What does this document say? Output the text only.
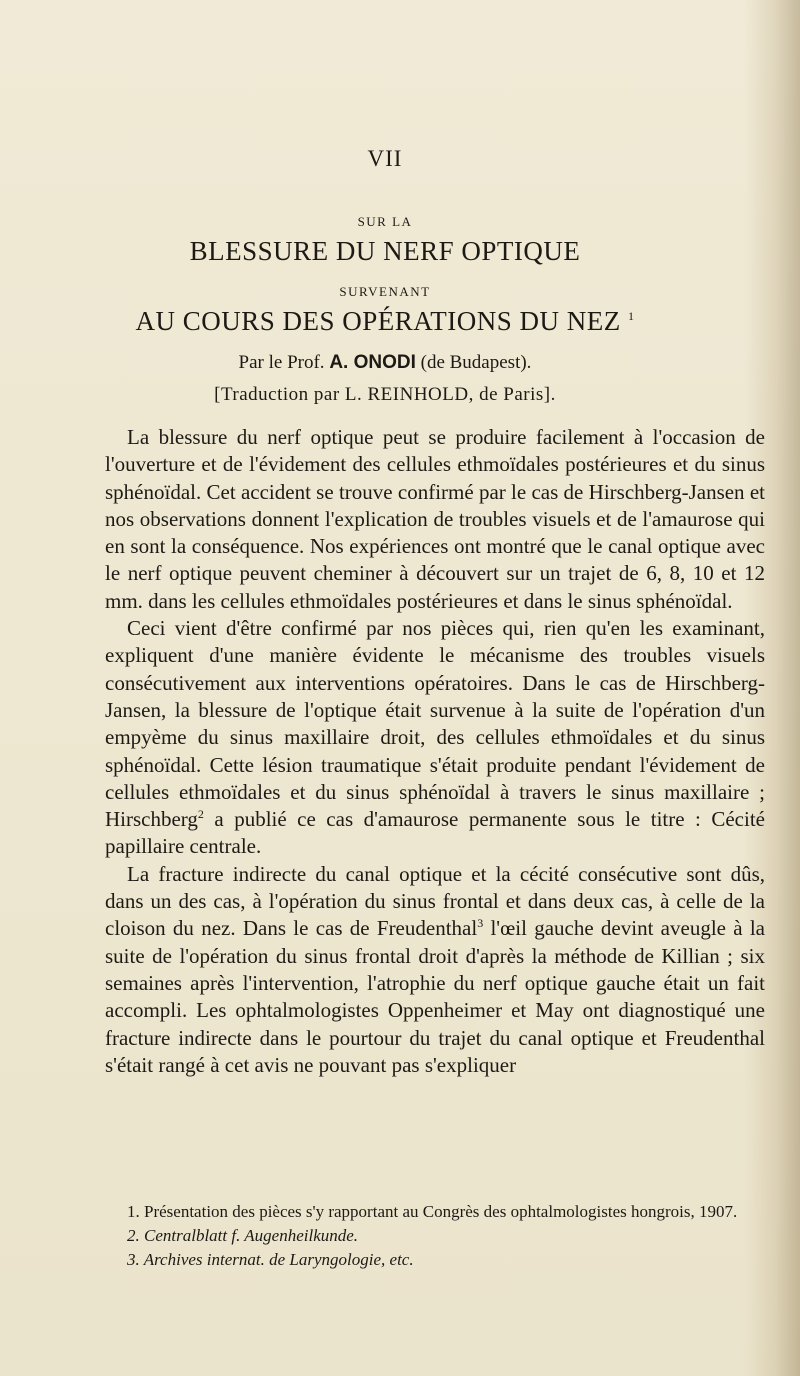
VII
SUR LA
BLESSURE DU NERF OPTIQUE
SURVENANT
AU COURS DES OPÉRATIONS DU NEZ $^1$
Par le Prof. A. ONODI (de Budapest).
[Traduction par L. REINHOLD, de Paris].

La blessure du nerf optique peut se produire facilement à l'occasion de l'ouverture et de l'évidement des cellules ethmoïdales postérieures et du sinus sphénoïdal. Cet accident se trouve confirmé par le cas de Hirschberg-Jansen et nos observations donnent l'explication de troubles visuels et de l'amaurose qui en sont la conséquence. Nos expériences ont montré que le canal optique avec le nerf optique peuvent cheminer à découvert sur un trajet de 6, 8, 10 et 12 mm. dans les cellules ethmoïdales postérieures et dans le sinus sphénoïdal.

Ceci vient d'être confirmé par nos pièces qui, rien qu'en les examinant, expliquent d'une manière évidente le mécanisme des troubles visuels consécutivement aux interventions opératoires. Dans le cas de Hirschberg-Jansen, la blessure de l'optique était survenue à la suite de l'opération d'un empyème du sinus maxillaire droit, des cellules ethmoïdales et du sinus sphénoïdal. Cette lésion traumatique s'était produite pendant l'évidement de cellules ethmoïdales et du sinus sphénoïdal à travers le sinus maxillaire ; Hirschberg$^2$ a publié ce cas d'amaurose permanente sous le titre : Cécité papillaire centrale.

La fracture indirecte du canal optique et la cécité consécutive sont dûs, dans un des cas, à l'opération du sinus frontal et dans deux cas, à celle de la cloison du nez. Dans le cas de Freudenthal$^3$ l'œil gauche devint aveugle à la suite de l'opération du sinus frontal droit d'après la méthode de Killian ; six semaines après l'intervention, l'atrophie du nerf optique gauche était un fait accompli. Les ophtalmologistes Oppenheimer et May ont diagnostiqué une fracture indirecte dans le pourtour du trajet du canal optique et Freudenthal s'était rangé à cet avis ne pouvant pas s'expliquer

1. Présentation des pièces s'y rapportant au Congrès des ophtalmologistes hongrois, 1907.

2. Centralblatt f. Augenheilkunde.

3. Archives internat. de Laryngologie, etc.
